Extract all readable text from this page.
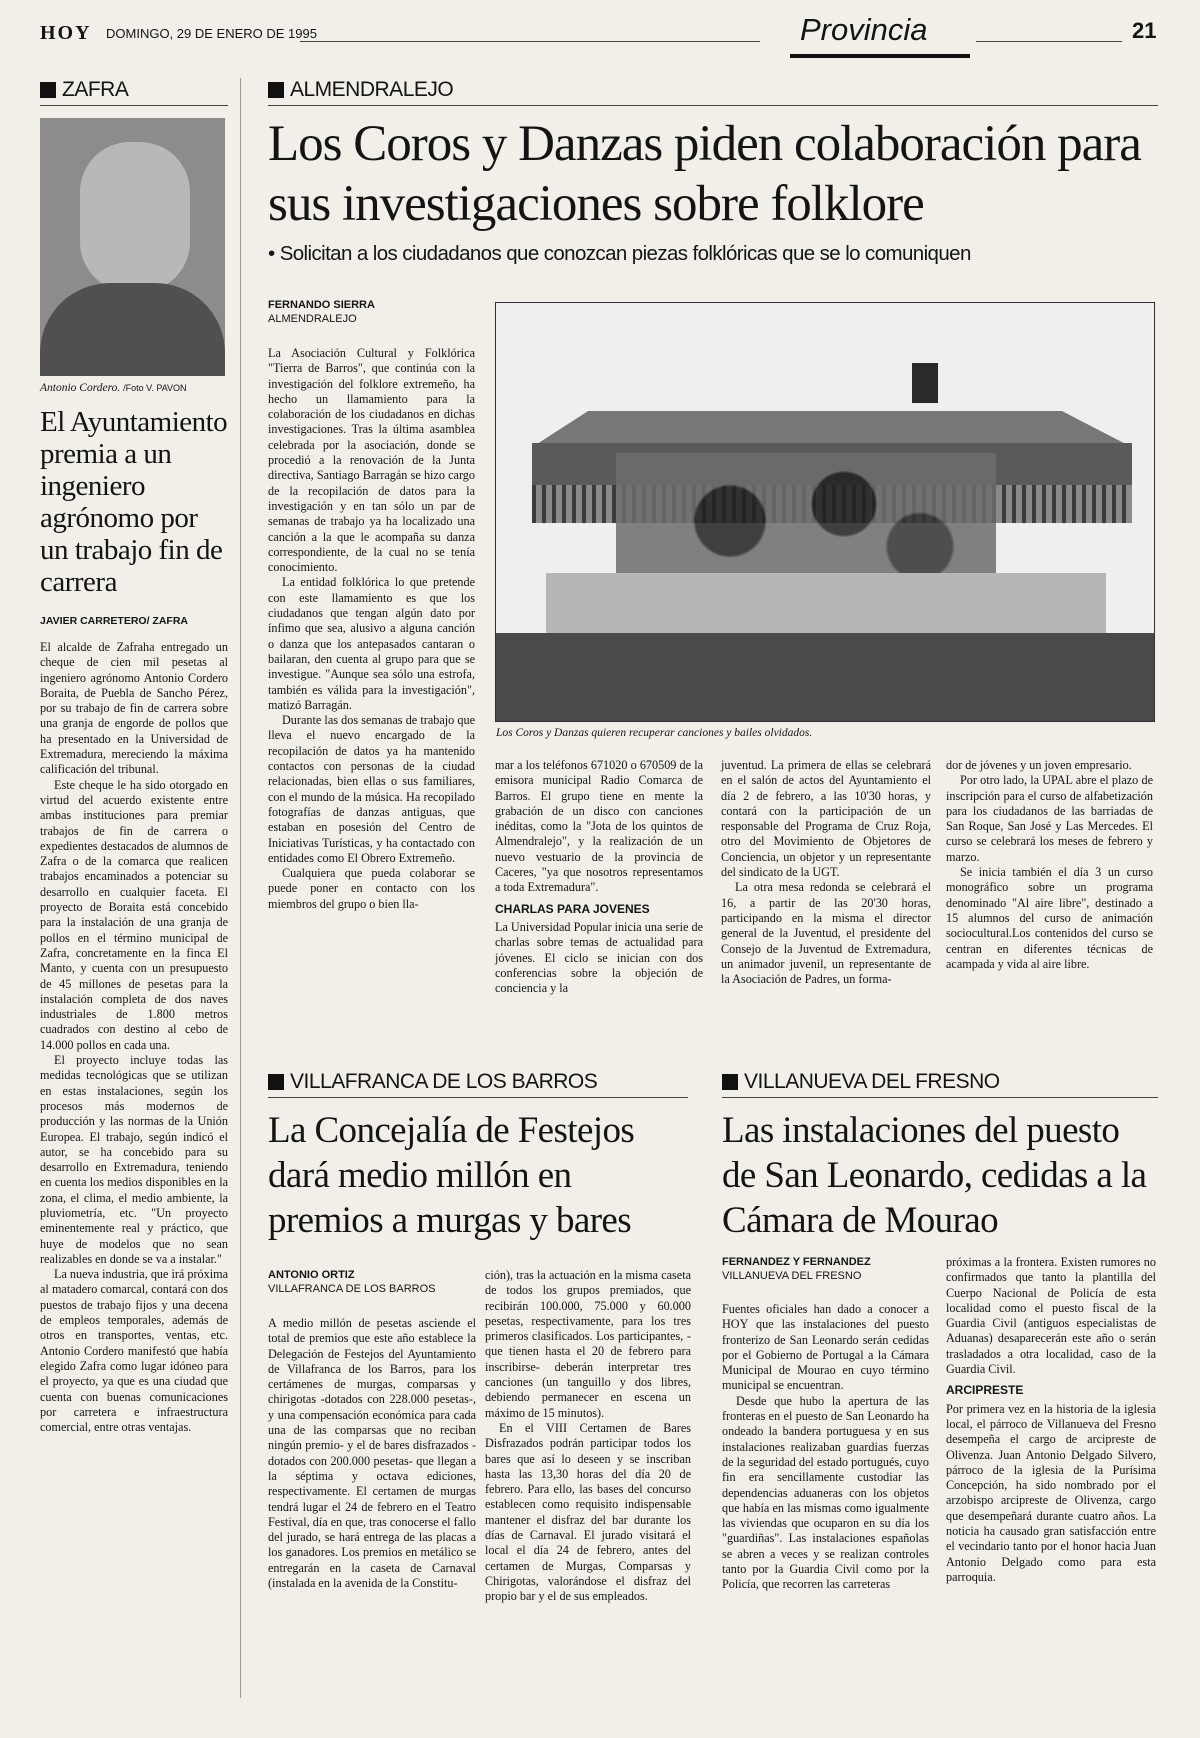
HOY DOMINGO, 29 DE ENERO DE 1995	Provincia	21
ZAFRA
Antonio Cordero. /Foto V. PAVON
El Ayuntamiento premia a un ingeniero agrónomo por un trabajo fin de carrera
JAVIER CARRETERO/ ZAFRA

El alcalde de Zafraha entregado un cheque de cien mil pesetas al ingeniero agrónomo Antonio Cordero Boraita, de Puebla de Sancho Pérez, por su trabajo de fin de carrera sobre una granja de engorde de pollos que ha presentado en la Universidad de Extremadura, mereciendo la máxima calificación del tribunal.

Este cheque le ha sido otorgado en virtud del acuerdo existente entre ambas instituciones para premiar trabajos de fin de carrera o expedientes destacados de alumnos de Zafra o de la comarca que realicen trabajos encaminados a potenciar su desarrollo en cualquier faceta. El proyecto de Boraita está concebido para la instalación de una granja de pollos en el término municipal de Zafra, concretamente en la finca El Manto, y cuenta con un presupuesto de 45 millones de pesetas para la instalación completa de dos naves industriales de 1.800 metros cuadrados con destino al cebo de 14.000 pollos en cada una.

El proyecto incluye todas las medidas tecnológicas que se utilizan en estas instalaciones, según los procesos más modernos de producción y las normas de la Unión Europea. El trabajo, según indicó el autor, se ha concebido para su desarrollo en Extremadura, teniendo en cuenta los medios disponibles en la zona, el clima, el medio ambiente, la pluviometría, etc. "Un proyecto eminentemente real y práctico, que huye de modelos que no sean realizables en donde se va a instalar."

La nueva industria, que irá próxima al matadero comarcal, contará con dos puestos de trabajo fijos y una decena de empleos temporales, además de otros en transportes, ventas, etc. Antonio Cordero manifestó que había elegido Zafra como lugar idóneo para el proyecto, ya que es una ciudad que cuenta con buenas comunicaciones por carretera e infraestructura comercial, entre otras ventajas.

ALMENDRALEJO
Los Coros y Danzas piden colaboración para sus investigaciones sobre folklore
• Solicitan a los ciudadanos que conozcan piezas folklóricas que se lo comuniquen
FERNANDO SIERRA
ALMENDRALEJO

La Asociación Cultural y Folklórica "Tierra de Barros", que continúa con la investigación del folklore extremeño, ha hecho un llamamiento para la colaboración de los ciudadanos en dichas investigaciones. Tras la última asamblea celebrada por la asociación, donde se procedió a la renovación de la Junta directiva, Santiago Barragán se hizo cargo de la recopilación de datos para la investigación y en tan sólo un par de semanas de trabajo ya ha localizado una canción a la que le acompaña su danza correspondiente, de la cual no se tenía conocimiento.

La entidad folklórica lo que pretende con este llamamiento es que los ciudadanos que tengan algún dato por ínfimo que sea, alusivo a alguna canción o danza que los antepasados cantaran o bailaran, den cuenta al grupo para que se investigue. "Aunque sea sólo una estrofa, también es válida para la investigación", matizó Barragán.

Durante las dos semanas de trabajo que lleva el nuevo encargado de la recopilación de datos ya ha mantenido contactos con personas de la ciudad relacionadas, bien ellas o sus familiares, con el mundo de la música. Ha recopilado fotografías de danzas antiguas, que estaban en posesión del Centro de Iniciativas Turísticas, y ha contactado con entidades como El Obrero Extremeño.

Cualquiera que pueda colaborar se puede poner en contacto con los miembros del grupo o bien lla-

Los Coros y Danzas quieren recuperar canciones y bailes olvidados.

mar a los teléfonos 671020 o 670509 de la emisora municipal Radio Comarca de Barros. El grupo tiene en mente la grabación de un disco con canciones inéditas, como la "Jota de los quintos de Almendralejo", y la realización de un nuevo vestuario de la provincia de Caceres, "ya que nosotros representamos a toda Extremadura".

CHARLAS PARA JOVENES

La Universidad Popular inicia una serie de charlas sobre temas de actualidad para jóvenes. El ciclo se inician con dos conferencias sobre la objeción de conciencia y la

juventud. La primera de ellas se celebrará en el salón de actos del Ayuntamiento el día 2 de febrero, a las 10'30 horas, y contará con la participación de un responsable del Programa de Cruz Roja, otro del Movimiento de Objetores de Conciencia, un objetor y un representante del sindicato de la UGT.

La otra mesa redonda se celebrará el 16, a partir de las 20'30 horas, participando en la misma el director general de la Juventud, el presidente del Consejo de la Juventud de Extremadura, un animador juvenil, un representante de la Asociación de Padres, un forma-

dor de jóvenes y un joven empresario.

Por otro lado, la UPAL abre el plazo de inscripción para el curso de alfabetización para los ciudadanos de las barriadas de San Roque, San José y Las Mercedes. El curso se celebrará los meses de febrero y marzo.

Se inicia también el día 3 un curso monográfico sobre un programa denominado "Al aire libre", destinado a 15 alumnos del curso de animación sociocultural.Los contenidos del curso se centran en diferentes técnicas de acampada y vida al aire libre.

VILLAFRANCA DE LOS BARROS
La Concejalía de Festejos dará medio millón en premios a murgas y bares
ANTONIO ORTIZ
VILLAFRANCA DE LOS BARROS

A medio millón de pesetas asciende el total de premios que este año establece la Delegación de Festejos del Ayuntamiento de Villafranca de los Barros, para los certámenes de murgas, comparsas y chirigotas -dotados con 228.000 pesetas-, y una compensación económica para cada una de las comparsas que no reciban ningún premio- y el de bares disfrazados -dotados con 200.000 pesetas- que llegan a la séptima y octava ediciones, respectivamente. El certamen de murgas tendrá lugar el 24 de febrero en el Teatro Festival, día en que, tras conocerse el fallo del jurado, se hará entrega de las placas a los ganadores. Los premios en metálico se entregarán en la caseta de Carnaval (instalada en la avenida de la Constitu-

ción), tras la actuación en la misma caseta de todos los grupos premiados, que recibirán 100.000, 75.000 y 60.000 pesetas, respectivamente, para los tres primeros clasificados. Los participantes, -que tienen hasta el 20 de febrero para inscribirse- deberán interpretar tres canciones (un tanguillo y dos libres, debiendo permanecer en escena un máximo de 15 minutos).

En el VIII Certamen de Bares Disfrazados podrán participar todos los bares que así lo deseen y se inscriban hasta las 13,30 horas del día 20 de febrero. Para ello, las bases del concurso establecen como requisito indispensable mantener el disfraz del bar durante los días de Carnaval. El jurado visitará el local el día 24 de febrero, antes del certamen de Murgas, Comparsas y Chirigotas, valorándose el disfraz del propio bar y el de sus empleados.

VILLANUEVA DEL FRESNO
Las instalaciones del puesto de San Leonardo, cedidas a la Cámara de Mourao
FERNANDEZ Y FERNANDEZ
VILLANUEVA DEL FRESNO

Fuentes oficiales han dado a conocer a HOY que las instalaciones del puesto fronterizo de San Leonardo serán cedidas por el Gobierno de Portugal a la Cámara Municipal de Mourao en cuyo término municipal se encuentran.

Desde que hubo la apertura de las fronteras en el puesto de San Leonardo ha ondeado la bandera portuguesa y en sus instalaciones realizaban guardias fuerzas de la seguridad del estado portugués, cuyo fin era sencillamente custodiar las dependencias aduaneras con los objetos que había en las mismas como igualmente las viviendas que ocuparon en su día los "guardiñas". Las instalaciones españolas se abren a veces y se realizan controles tanto por la Guardia Civil como por la Policía, que recorren las carreteras

próximas a la frontera. Existen rumores no confirmados que tanto la plantilla del Cuerpo Nacional de Policía de esta localidad como el puesto fiscal de la Guardia Civil (antiguos especialistas de Aduanas) desaparecerán este año o serán trasladados a otra localidad, caso de la Guardia Civil.

ARCIPRESTE

Por primera vez en la historia de la iglesia local, el párroco de Villanueva del Fresno desempeña el cargo de arcipreste de Olivenza. Juan Antonio Delgado Silvero, párroco de la iglesia de la Purísima Concepción, ha sido nombrado por el arzobispo arcipreste de Olivenza, cargo que desempeñará durante cuatro años. La noticia ha causado gran satisfacción entre el vecindario tanto por el honor hacia Juan Antonio Delgado como para esta parroquia.
